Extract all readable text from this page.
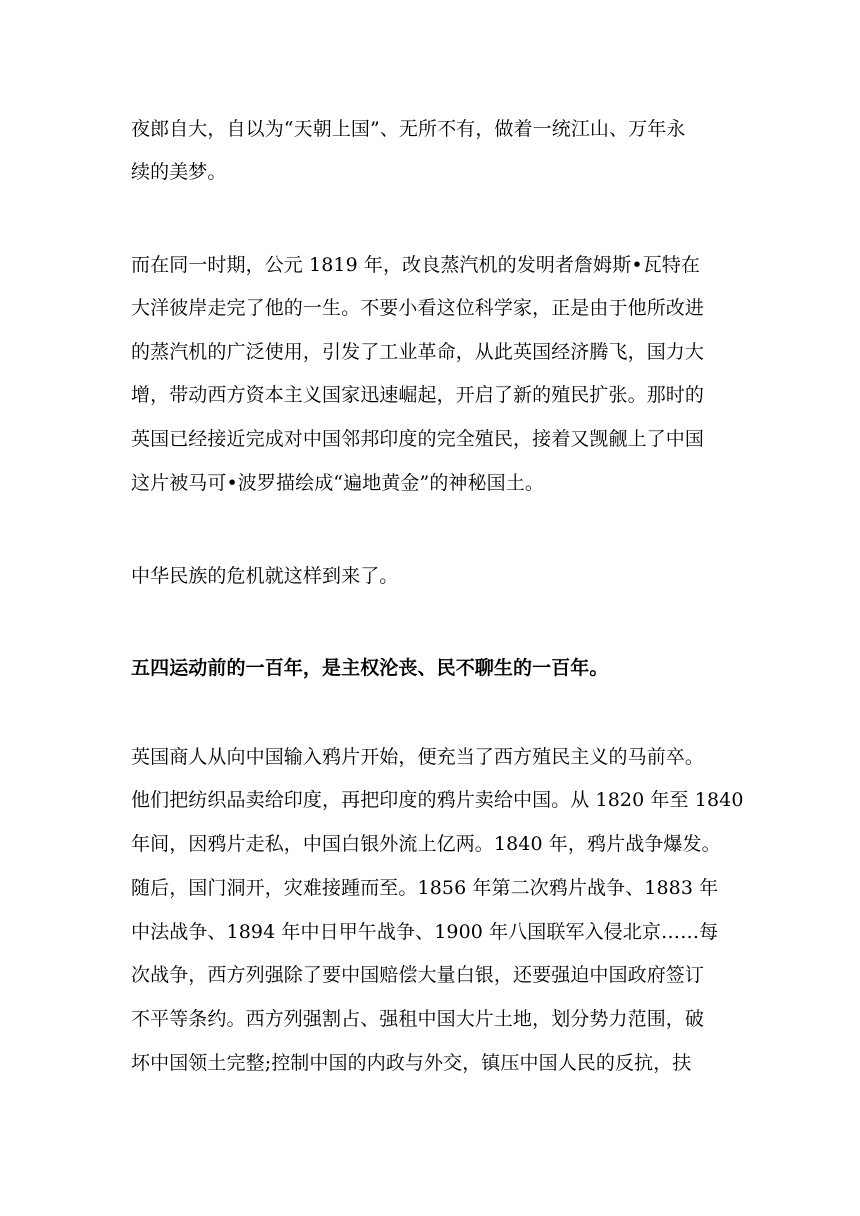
夜郎自大，自以为“天朝上国”、无所不有，做着一统江山、万年永
续的美梦。
而在同一时期，公元 1819 年，改良蒸汽机的发明者詹姆斯•瓦特在
大洋彼岸走完了他的一生。不要小看这位科学家，正是由于他所改进
的蒸汽机的广泛使用，引发了工业革命，从此英国经济腾飞，国力大
增，带动西方资本主义国家迅速崛起，开启了新的殖民扩张。那时的
英国已经接近完成对中国邻邦印度的完全殖民，接着又觊觎上了中国
这片被马可•波罗描绘成“遍地黄金”的神秘国土。
中华民族的危机就这样到来了。
五四运动前的一百年，是主权沦丧、民不聊生的一百年。
英国商人从向中国输入鸦片开始，便充当了西方殖民主义的马前卒。
他们把纺织品卖给印度，再把印度的鸦片卖给中国。从 1820 年至 1840
年间，因鸦片走私，中国白银外流上亿两。1840 年，鸦片战争爆发。
随后，国门洞开，灾难接踵而至。1856 年第二次鸦片战争、1883 年
中法战争、1894 年中日甲午战争、1900 年八国联军入侵北京……每
次战争，西方列强除了要中国赔偿大量白银，还要强迫中国政府签订
不平等条约。西方列强割占、强租中国大片土地，划分势力范围，破
坏中国领土完整;控制中国的内政与外交，镇压中国人民的反抗，扶
